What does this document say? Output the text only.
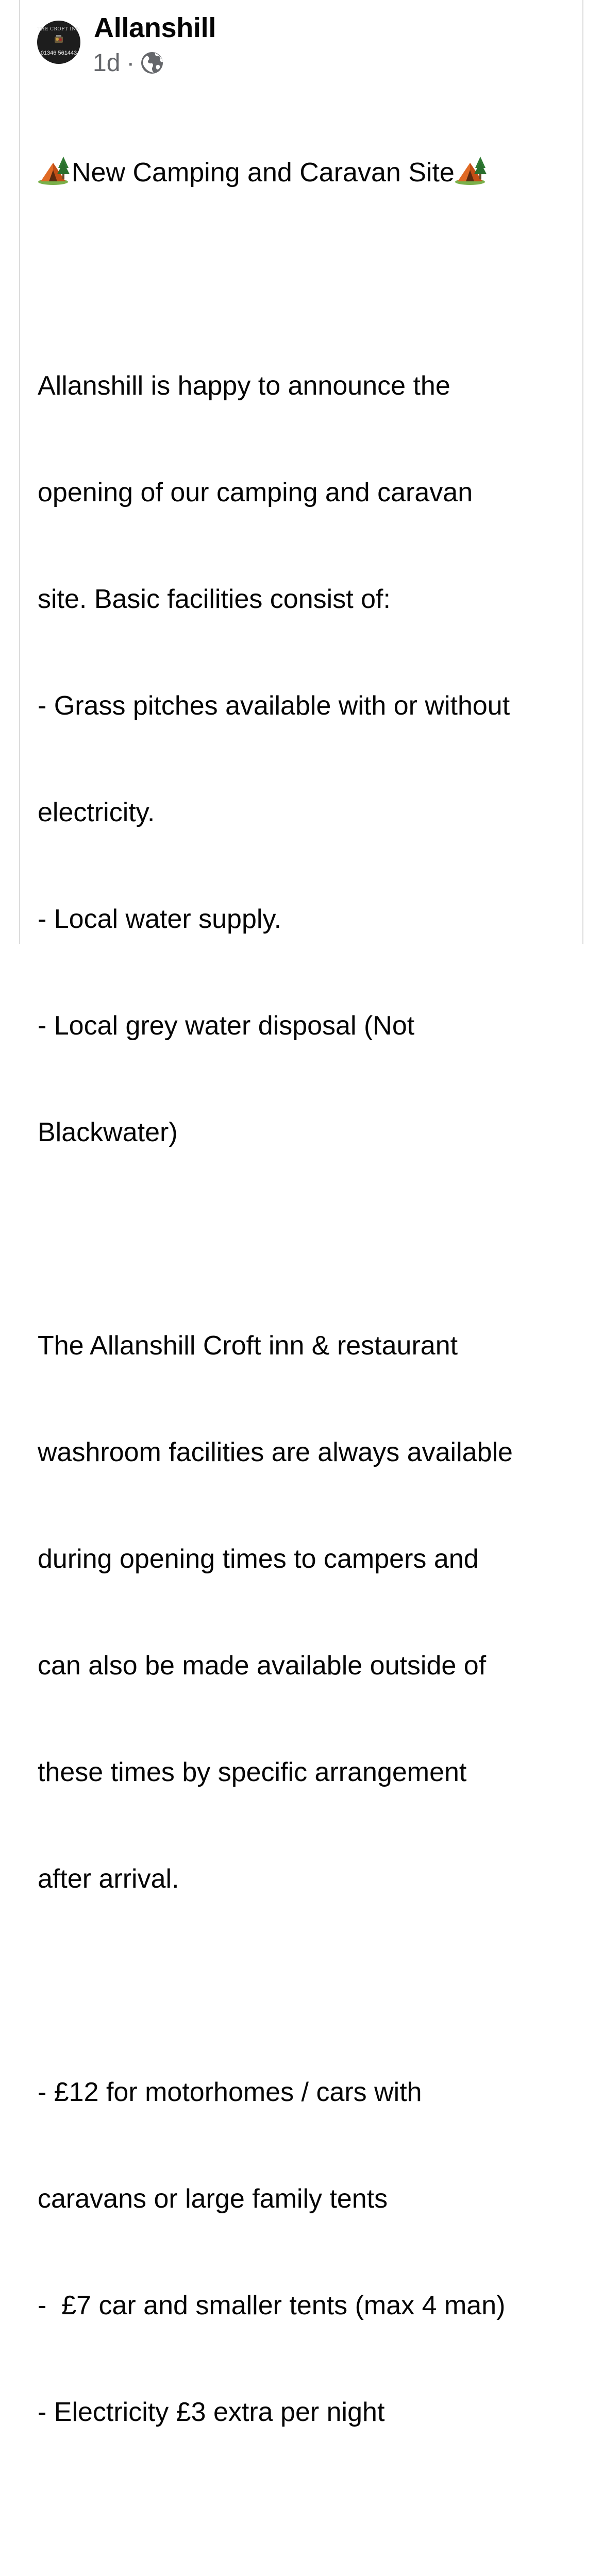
THE CROFT INN
01346 561443
Allanshill
1d ·

New Camping and Caravan Site

Allanshill is happy to announce the

opening of our camping and caravan

site. Basic facilities consist of:

- Grass pitches available with or without

electricity.

- Local water supply.

- Local grey water disposal (Not

Blackwater)

The Allanshill Croft inn & restaurant

washroom facilities are always available

during opening times to campers and

can also be made available outside of

these times by specific arrangement

after arrival.

- £12 for motorhomes / cars with

caravans or large family tents

-  £7 car and smaller tents (max 4 man)

- Electricity £3 extra per night
